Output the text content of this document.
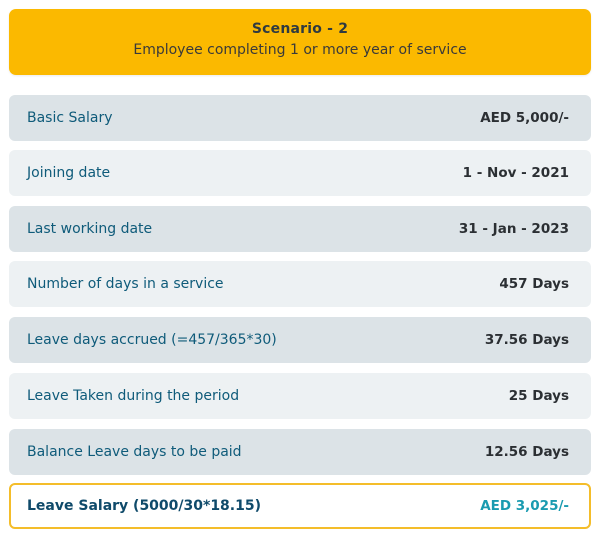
Scenario - 2
Employee completing 1 or more year of service
Basic Salary	AED 5,000/-
Joining date	1 - Nov - 2021
Last working date	31 - Jan - 2023
Number of days in a service	457 Days
Leave days accrued (=457/365*30)	37.56 Days
Leave Taken during the period	25 Days
Balance Leave days to be paid	12.56 Days
Leave Salary (5000/30*18.15)	AED 3,025/-
